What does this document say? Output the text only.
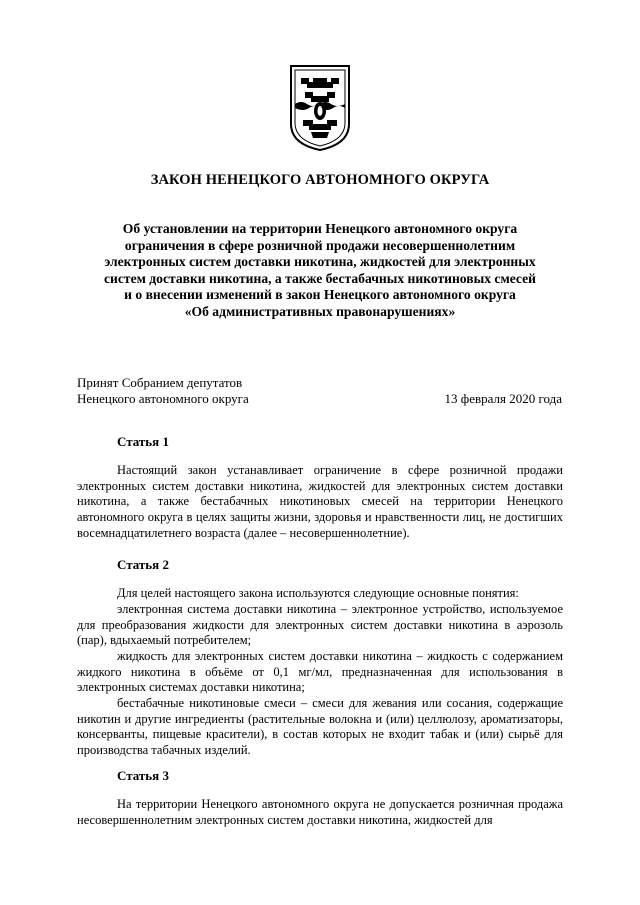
ЗАКОН НЕНЕЦКОГО АВТОНОМНОГО ОКРУГА
Об установлении на территории Ненецкого автономного округа
ограничения в сфере розничной продажи несовершеннолетним
электронных систем доставки никотина, жидкостей для электронных
систем доставки никотина, а также бестабачных никотиновых смесей
и о внесении изменений в закон Ненецкого автономного округа
«Об административных правонарушениях»
Принят Собранием депутатов
Ненецкого автономного округа	13 февраля 2020 года
Статья 1

Настоящий закон устанавливает ограничение в сфере розничной продажи электронных систем доставки никотина, жидкостей для электронных систем доставки никотина, а также бестабачных никотиновых смесей на территории Ненецкого автономного округа в целях защиты жизни, здоровья и нравственности лиц, не достигших восемнадцатилетнего возраста (далее – несовершеннолетние).

Статья 2

Для целей настоящего закона используются следующие основные понятия:

электронная система доставки никотина – электронное устройство, используемое для преобразования жидкости для электронных систем доставки никотина в аэрозоль (пар), вдыхаемый потребителем;

жидкость для электронных систем доставки никотина – жидкость с содержанием жидкого никотина в объёме от 0,1 мг/мл, предназначенная для использования в электронных системах доставки никотина;

бестабачные никотиновые смеси – смеси для жевания или сосания, содержащие никотин и другие ингредиенты (растительные волокна и (или) целлюлозу, ароматизаторы, консерванты, пищевые красители), в состав которых не входит табак и (или) сырьё для производства табачных изделий.

Статья 3

На территории Ненецкого автономного округа не допускается розничная продажа несовершеннолетним электронных систем доставки никотина, жидкостей для
